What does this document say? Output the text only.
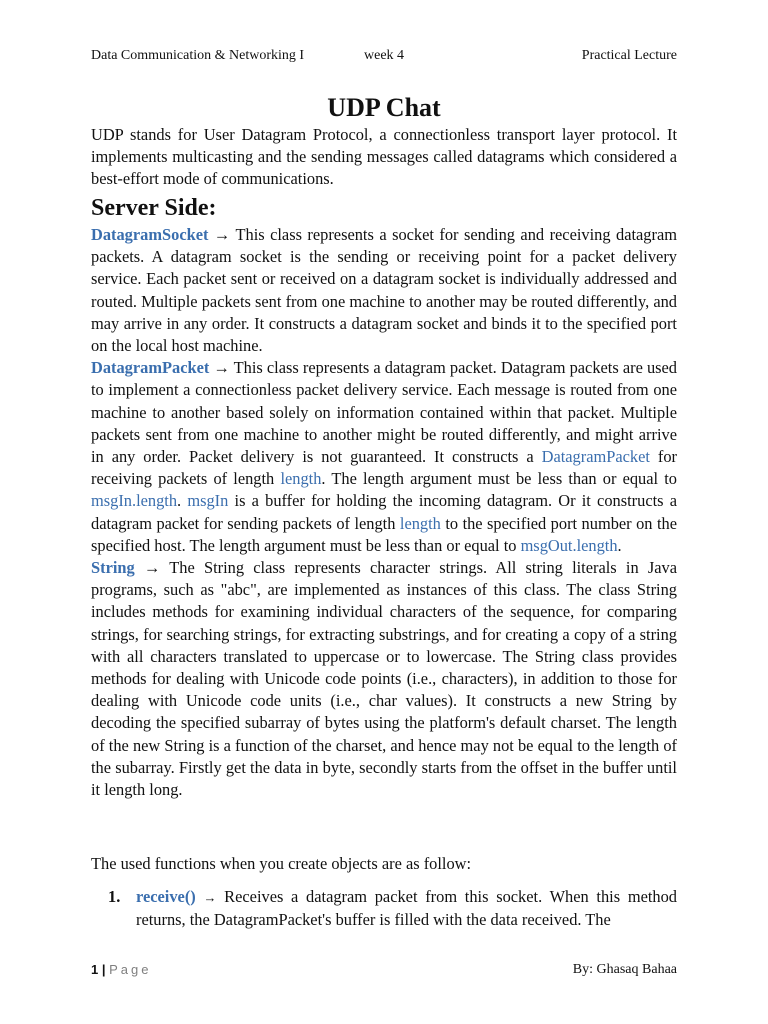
Data Communication & Networking I	week 4	Practical Lecture
UDP Chat

UDP stands for User Datagram Protocol, a connectionless transport layer protocol. It implements multicasting and the sending messages called datagrams which considered a best-effort mode of communications.

Server Side:

DatagramSocket → This class represents a socket for sending and receiving datagram packets. A datagram socket is the sending or receiving point for a packet delivery service. Each packet sent or received on a datagram socket is individually addressed and routed. Multiple packets sent from one machine to another may be routed differently, and may arrive in any order. It constructs a datagram socket and binds it to the specified port on the local host machine.

DatagramPacket → This class represents a datagram packet. Datagram packets are used to implement a connectionless packet delivery service. Each message is routed from one machine to another based solely on information contained within that packet. Multiple packets sent from one machine to another might be routed differently, and might arrive in any order. Packet delivery is not guaranteed. It constructs a DatagramPacket for receiving packets of length length. The length argument must be less than or equal to msgIn.length. msgIn is a buffer for holding the incoming datagram. Or it constructs a datagram packet for sending packets of length length to the specified port number on the specified host. The length argument must be less than or equal to msgOut.length.

String → The String class represents character strings. All string literals in Java programs, such as "abc", are implemented as instances of this class. The class String includes methods for examining individual characters of the sequence, for comparing strings, for searching strings, for extracting substrings, and for creating a copy of a string with all characters translated to uppercase or to lowercase. The String class provides methods for dealing with Unicode code points (i.e., characters), in addition to those for dealing with Unicode code units (i.e., char values). It constructs a new String by decoding the specified subarray of bytes using the platform's default charset. The length of the new String is a function of the charset, and hence may not be equal to the length of the subarray. Firstly get the data in byte, secondly starts from the offset in the buffer until it length long.

The used functions when you create objects are as follow:
1. receive() → Receives a datagram packet from this socket. When this method returns, the DatagramPacket's buffer is filled with the data received. The
1 | Page	By: Ghasaq Bahaa
